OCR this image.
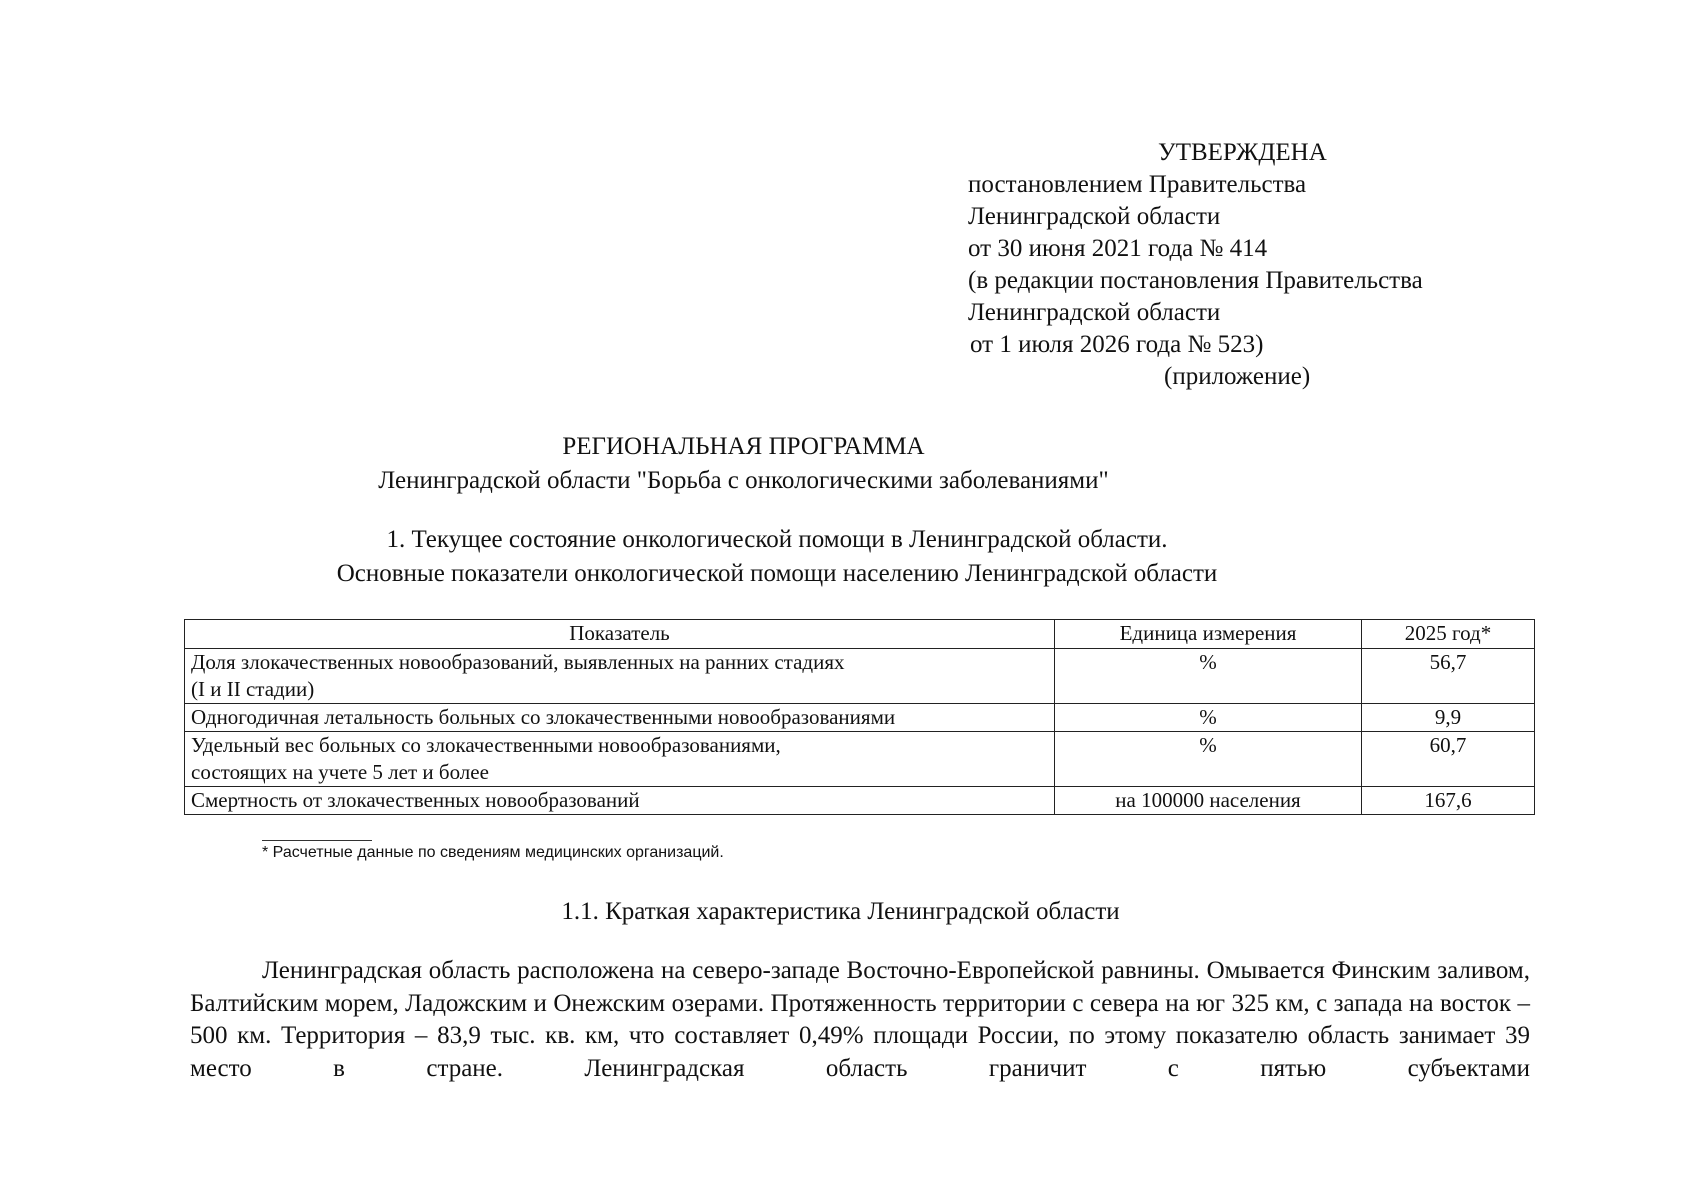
УТВЕРЖДЕНА
постановлением Правительства
Ленинградской области
от 30 июня 2021 года № 414
(в редакции постановления Правительства
Ленинградской области
от 1 июля 2026 года № 523)
(приложение)
РЕГИОНАЛЬНАЯ ПРОГРАММА
Ленинградской области "Борьба с онкологическими заболеваниями"
1. Текущее состояние онкологической помощи в Ленинградской области.
Основные показатели онкологической помощи населению Ленинградской области
Показатель	Единица измерения	2025 год*

Доля злокачественных новообразований, выявленных на ранних стадиях
(I и II стадии)	%	56,7

Одногодичная летальность больных со злокачественными новообразованиями	%	9,9

Удельный вес больных со злокачественными новообразованиями,
состоящих на учете 5 лет и более	%	60,7

Смертность от злокачественных новообразований	на 100000 населения	167,6
* Расчетные данные по сведениям медицинских организаций.
1.1. Краткая характеристика Ленинградской области

Ленинградская область расположена на северо-западе Восточно-Европейской равнины. Омывается Финским заливом, Балтийским морем, Ладожским и Онежским озерами. Протяженность территории с севера на юг 325 км, с запада на восток – 500 км. Территория – 83,9 тыс. кв. км, что составляет 0,49% площади России, по этому показателю область занимает 39 место в стране. Ленинградская область граничит с пятью субъектами
